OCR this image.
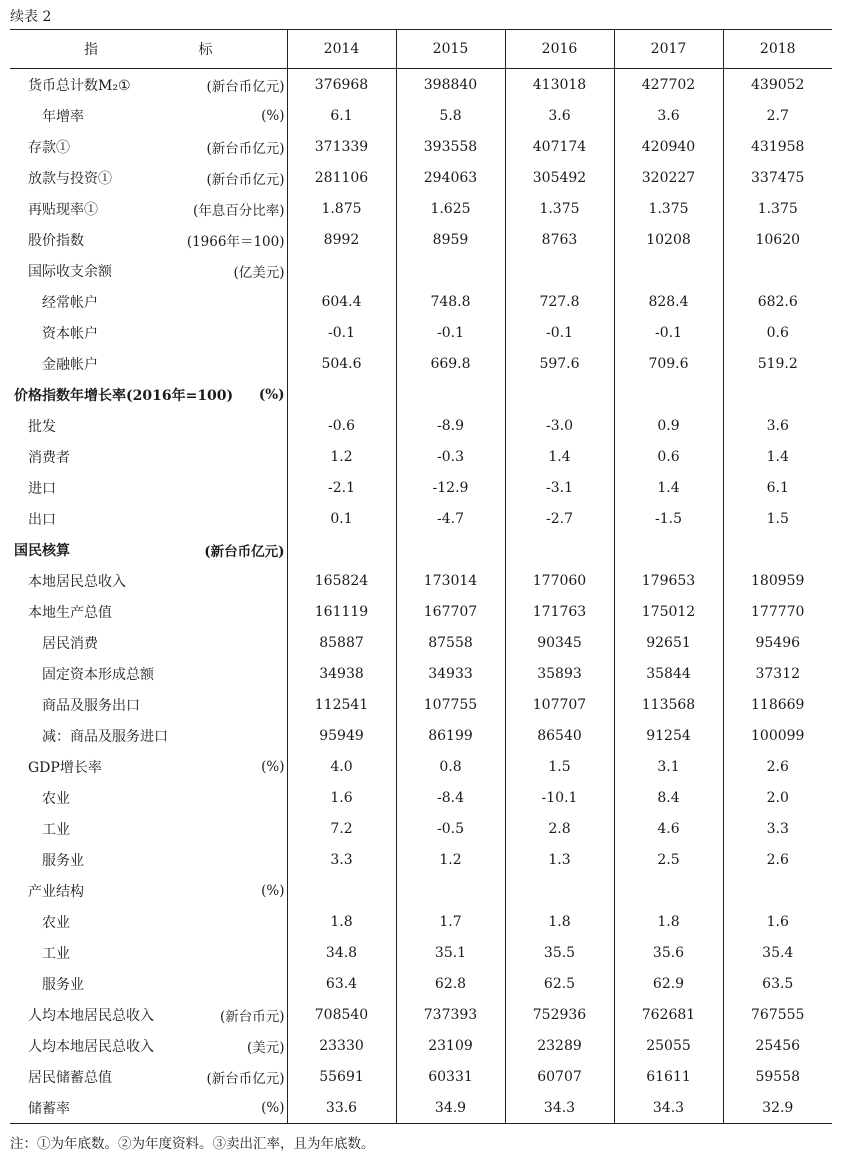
续表 2
指 标	2014	2015	2016	2017	2018

货币总计数M₂① (新台币亿元)	376968	398840	413018	427702	439052

年增率 (%)	6.1	5.8	3.6	3.6	2.7

存款① (新台币亿元)	371339	393558	407174	420940	431958

放款与投资① (新台币亿元)	281106	294063	305492	320227	337475

再贴现率① (年息百分比率)	1.875	1.625	1.375	1.375	1.375

股价指数 (1966年＝100)	8992	8959	8763	10208	10620

国际收支余额 (亿美元)					

经常帐户	604.4	748.8	727.8	828.4	682.6

资本帐户	-0.1	-0.1	-0.1	-0.1	0.6

金融帐户	504.6	669.8	597.6	709.6	519.2

价格指数年增长率(2016年=100) (%)					

批发	-0.6	-8.9	-3.0	0.9	3.6

消费者	1.2	-0.3	1.4	0.6	1.4

进口	-2.1	-12.9	-3.1	1.4	6.1

出口	0.1	-4.7	-2.7	-1.5	1.5

国民核算 (新台币亿元)					

本地居民总收入	165824	173014	177060	179653	180959

本地生产总值	161119	167707	171763	175012	177770

居民消费	85887	87558	90345	92651	95496

固定资本形成总额	34938	34933	35893	35844	37312

商品及服务出口	112541	107755	107707	113568	118669

减：商品及服务进口	95949	86199	86540	91254	100099

GDP增长率 (%)	4.0	0.8	1.5	3.1	2.6

农业	1.6	-8.4	-10.1	8.4	2.0

工业	7.2	-0.5	2.8	4.6	3.3

服务业	3.3	1.2	1.3	2.5	2.6

产业结构 (%)					

农业	1.8	1.7	1.8	1.8	1.6

工业	34.8	35.1	35.5	35.6	35.4

服务业	63.4	62.8	62.5	62.9	63.5

人均本地居民总收入 (新台币元)	708540	737393	752936	762681	767555

人均本地居民总收入 (美元)	23330	23109	23289	25055	25456

居民储蓄总值 (新台币亿元)	55691	60331	60707	61611	59558

储蓄率 (%)	33.6	34.9	34.3	34.3	32.9
注：①为年底数。②为年度资料。③卖出汇率，且为年底数。
